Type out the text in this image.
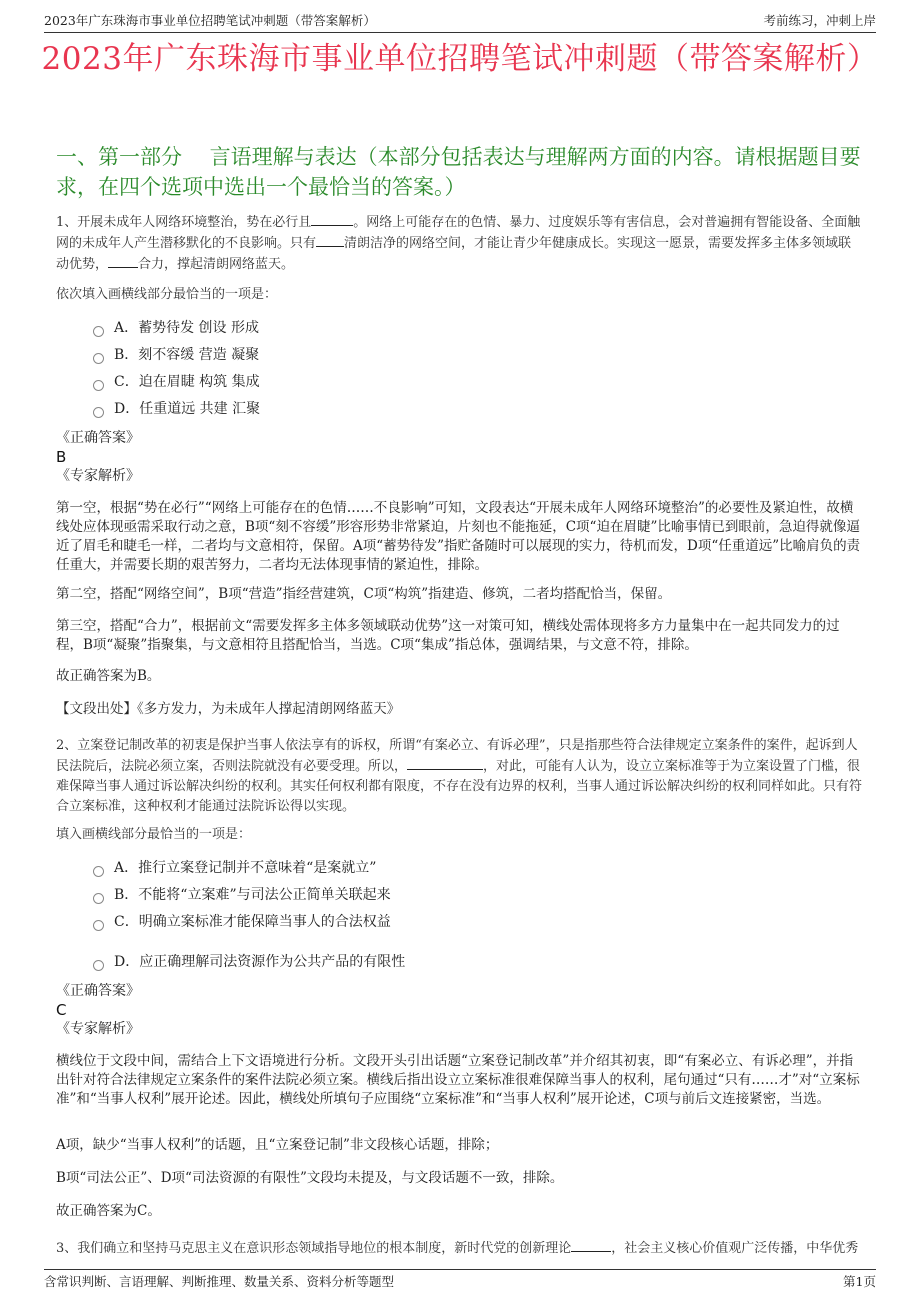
2023年广东珠海市事业单位招聘笔试冲刺题（带答案解析）	考前练习，冲刺上岸
2023年广东珠海市事业单位招聘笔试冲刺题（带答案解析）
一、第一部分　 言语理解与表达（本部分包括表达与理解两方面的内容。请根据题目要求，在四个选项中选出一个最恰当的答案。）
1、开展未成年人网络环境整治，势在必行且	。网络上可能存在的色情、暴力、过度娱乐等有害信息，会对普遍拥有智能设备、全面触网的未成年人产生潜移默化的不良影响。只有 清朗洁净的网络空间，才能让青少年健康成长。实现这一愿景，需要发挥多主体多领域联动优势， 合力，撑起清朗网络蓝天。
依次填入画横线部分最恰当的一项是：
A．蓄势待发 创设 形成
B．刻不容缓 营造 凝聚
C．迫在眉睫 构筑 集成
D．任重道远 共建 汇聚
《正确答案》
B
《专家解析》
第一空，根据“势在必行”“网络上可能存在的色情……不良影响”可知，文段表达“开展未成年人网络环境整治”的必要性及紧迫性，故横线处应体现亟需采取行动之意，B项“刻不容缓”形容形势非常紧迫，片刻也不能拖延，C项“迫在眉睫”比喻事情已到眼前，急迫得就像逼近了眉毛和睫毛一样，二者均与文意相符，保留。A项“蓄势待发”指贮备随时可以展现的实力，待机而发，D项“任重道远”比喻肩负的责任重大，并需要长期的艰苦努力，二者均无法体现事情的紧迫性，排除。
第二空，搭配“网络空间”，B项“营造”指经营建筑，C项“构筑”指建造、修筑，二者均搭配恰当，保留。
第三空，搭配“合力”，根据前文“需要发挥多主体多领域联动优势”这一对策可知，横线处需体现将多方力量集中在一起共同发力的过程，B项“凝聚”指聚集，与文意相符且搭配恰当，当选。C项“集成”指总体，强调结果，与文意不符，排除。
故正确答案为B。
【文段出处】《多方发力，为未成年人撑起清朗网络蓝天》
2、立案登记制改革的初衷是保护当事人依法享有的诉权，所谓“有案必立、有诉必理”，只是指那些符合法律规定立案条件的案件，起诉到人民法院后，法院必须立案，否则法院就没有必要受理。所以，	，对此，可能有人认为，设立立案标准等于为立案设置了门槛，很难保障当事人通过诉讼解决纠纷的权利。其实任何权利都有限度，不存在没有边界的权利，当事人通过诉讼解决纠纷的权利同样如此。只有符合立案标准，这种权利才能通过法院诉讼得以实现。
填入画横线部分最恰当的一项是：
A．推行立案登记制并不意味着“是案就立”
B．不能将“立案难”与司法公正简单关联起来
C．明确立案标准才能保障当事人的合法权益
D．应正确理解司法资源作为公共产品的有限性
《正确答案》
C
《专家解析》
横线位于文段中间，需结合上下文语境进行分析。文段开头引出话题“立案登记制改革”并介绍其初衷，即“有案必立、有诉必理”，并指出针对符合法律规定立案条件的案件法院必须立案。横线后指出设立立案标准很难保障当事人的权利，尾句通过“只有……才”对“立案标准”和“当事人权利”展开论述。因此，横线处所填句子应围绕“立案标准”和“当事人权利”展开论述，C项与前后文连接紧密，当选。
A项，缺少“当事人权利”的话题，且“立案登记制”非文段核心话题，排除；
B项“司法公正”、D项“司法资源的有限性”文段均未提及，与文段话题不一致，排除。
故正确答案为C。
3、我们确立和坚持马克思主义在意识形态领域指导地位的根本制度，新时代党的创新理论	，社会主义核心价值观广泛传播，中华优秀
含常识判断、言语理解、判断推理、数量关系、资料分析等题型	第1页
